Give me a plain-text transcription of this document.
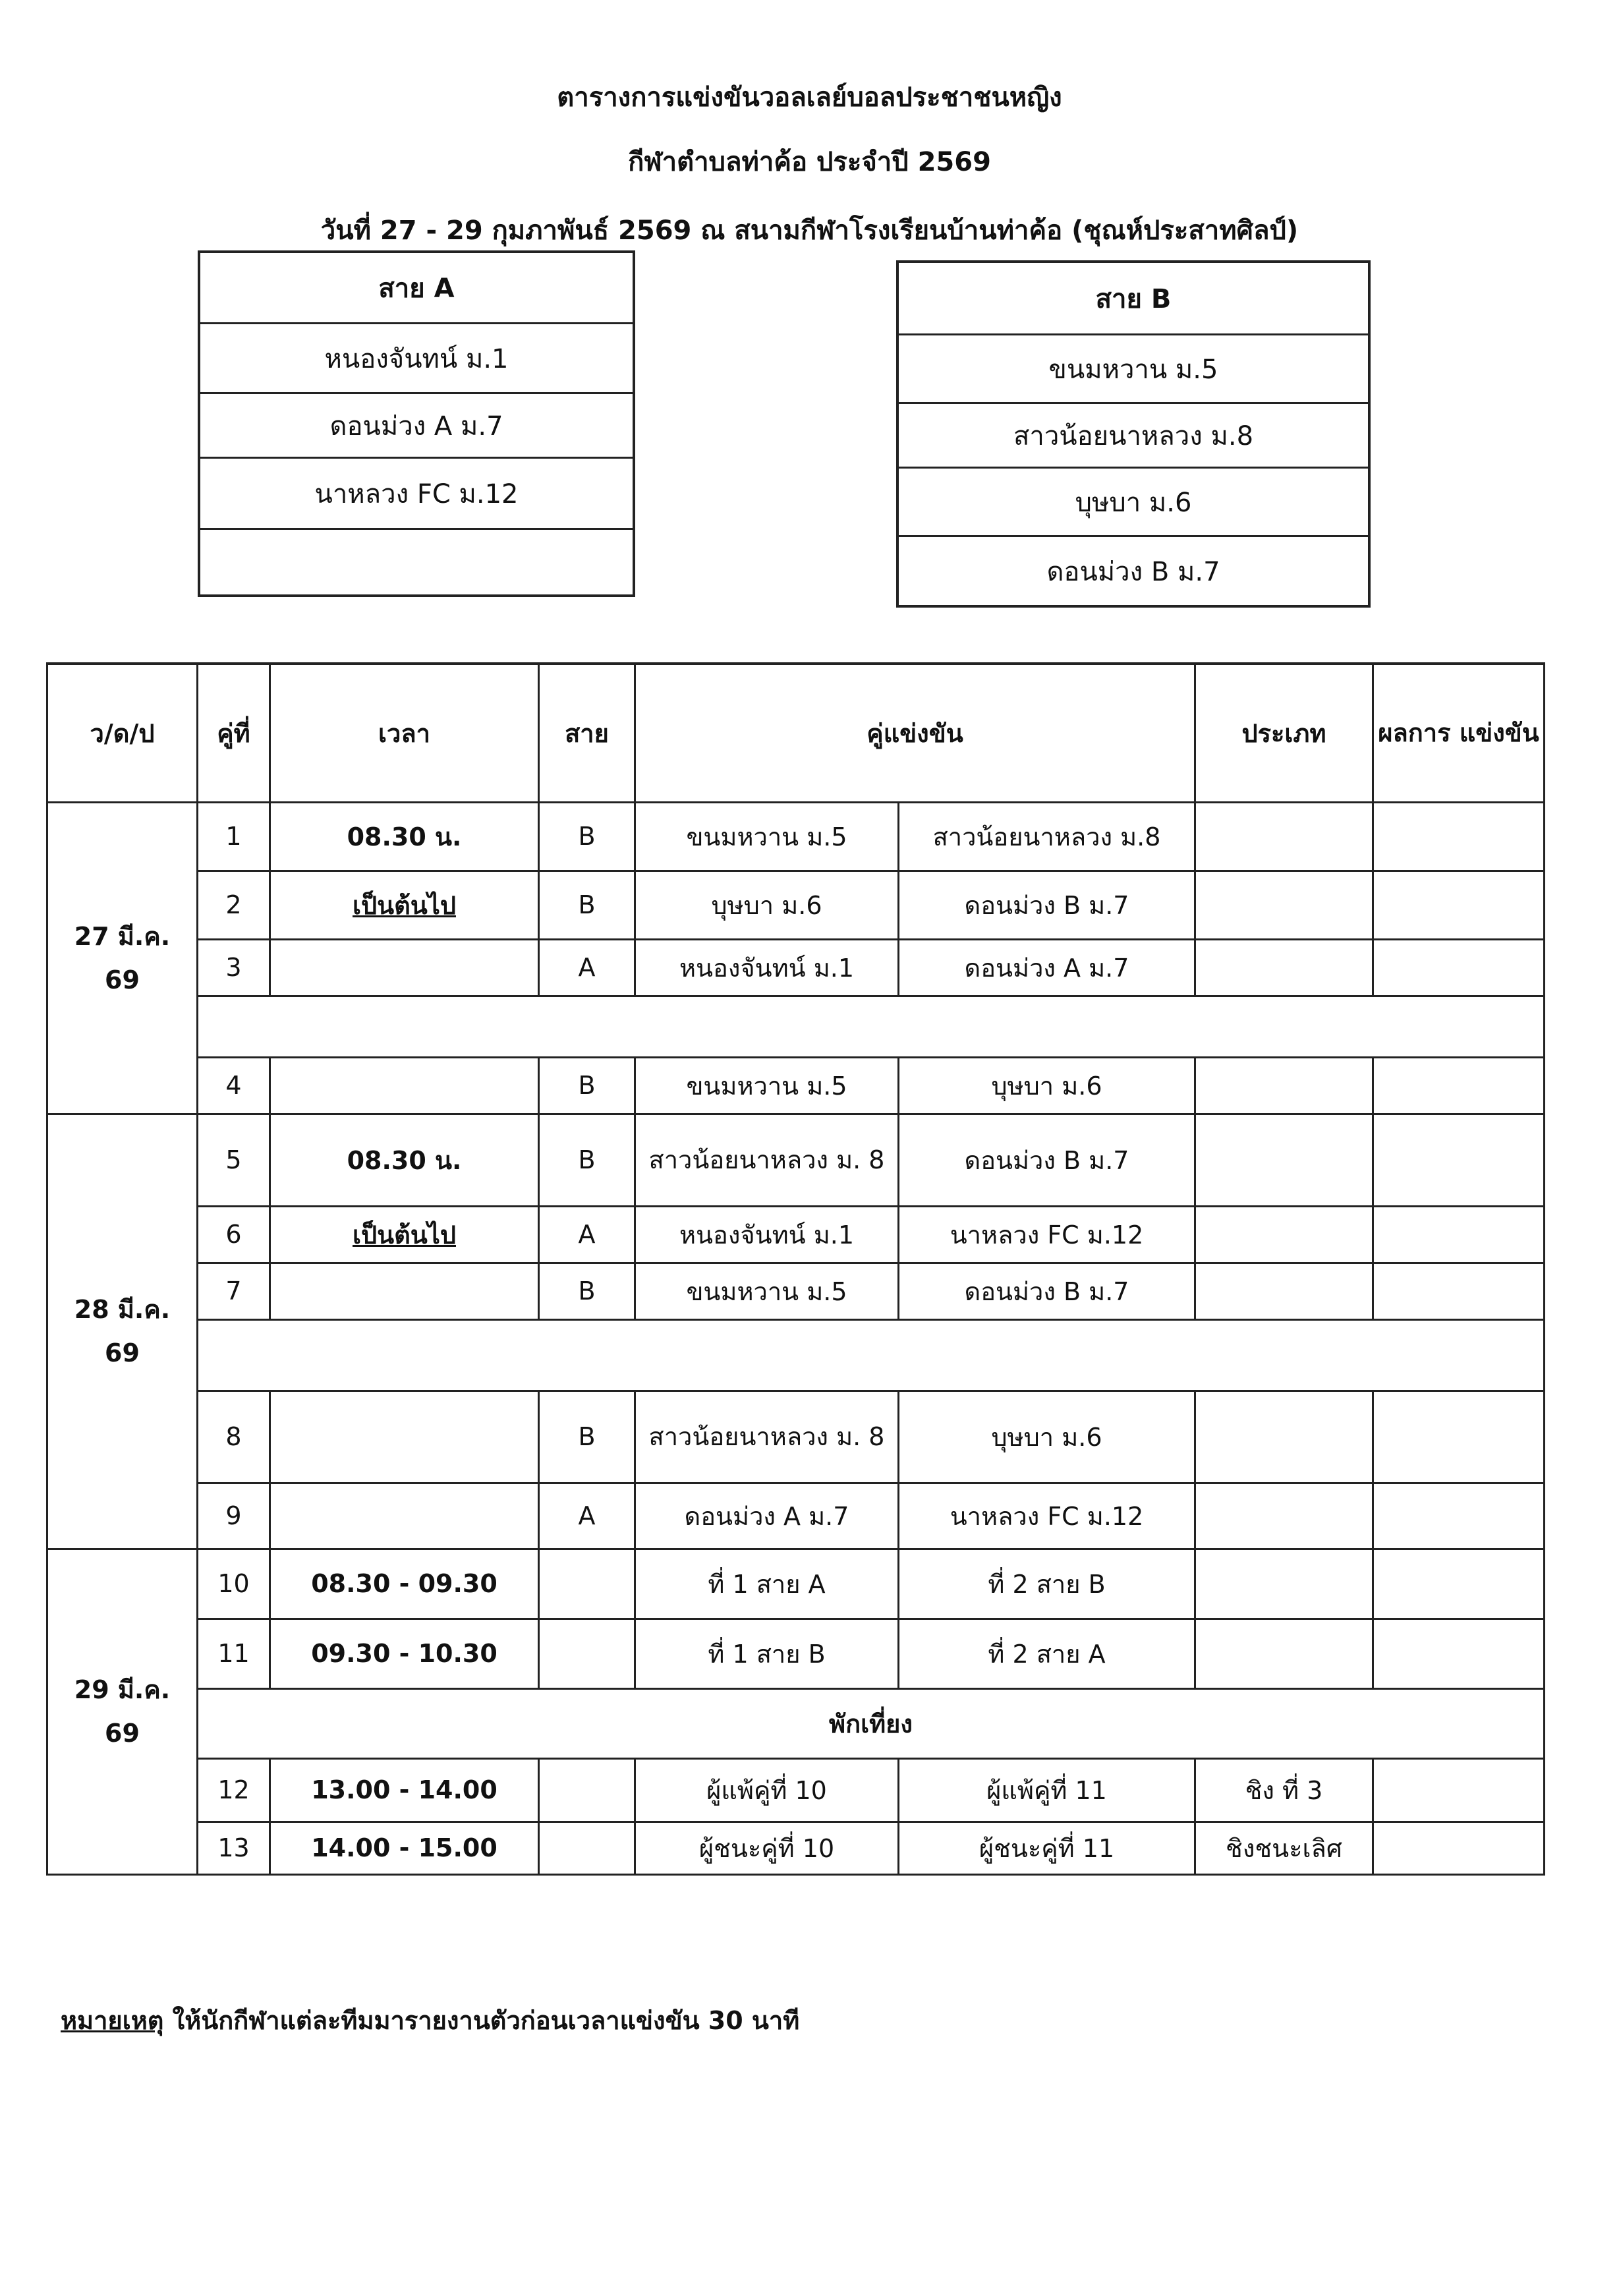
ตารางการแข่งขันวอลเลย์บอลประชาชนหญิง
กีฬาตำบลท่าค้อ ประจำปี 2569
วันที่ 27 - 29 กุมภาพันธ์ 2569 ณ สนามกีฬาโรงเรียนบ้านท่าค้อ (ชุณห์ประสาทศิลป์)
สาย A
หนองจันทน์ ม.1
ดอนม่วง A ม.7
นาหลวง FC ม.12
สาย B
ขนมหวาน ม.5
สาวน้อยนาหลวง ม.8
บุษบา ม.6
ดอนม่วง B ม.7
ว/ด/ป	คู่ที่	เวลา	สาย	คู่แข่งขัน		ประเภท	ผลการ แข่งขัน

27 มี.ค.
69	1	08.30 น.	B	ขนมหวาน ม.5	สาวน้อยนาหลวง ม.8		
	2	เป็นต้นไป	B	บุษบา ม.6	ดอนม่วง B ม.7		
	3		A	หนองจันทน์ ม.1	ดอนม่วง A ม.7		

	4		B	ขนมหวาน ม.5	บุษบา ม.6		

28 มี.ค.
69	5	08.30 น.	B	สาวน้อยนาหลวง ม. 8	ดอนม่วง B ม.7		
	6	เป็นต้นไป	A	หนองจันทน์ ม.1	นาหลวง FC ม.12		
	7		B	ขนมหวาน ม.5	ดอนม่วง B ม.7		

	8		B	สาวน้อยนาหลวง ม. 8	บุษบา ม.6		
	9		A	ดอนม่วง A ม.7	นาหลวง FC ม.12		

29 มี.ค.
69	10	08.30 - 09.30		ที่ 1 สาย A	ที่ 2 สาย B		
	11	09.30 - 10.30		ที่ 1 สาย B	ที่ 2 สาย A		
	พักเที่ยง						
	12	13.00 - 14.00		ผู้แพ้คู่ที่ 10	ผู้แพ้คู่ที่ 11	ชิง ที่ 3	
	13	14.00 - 15.00		ผู้ชนะคู่ที่ 10	ผู้ชนะคู่ที่ 11	ชิงชนะเลิศ	
หมายเหตุ ให้นักกีฬาแต่ละทีมมารายงานตัวก่อนเวลาแข่งขัน 30 นาที
